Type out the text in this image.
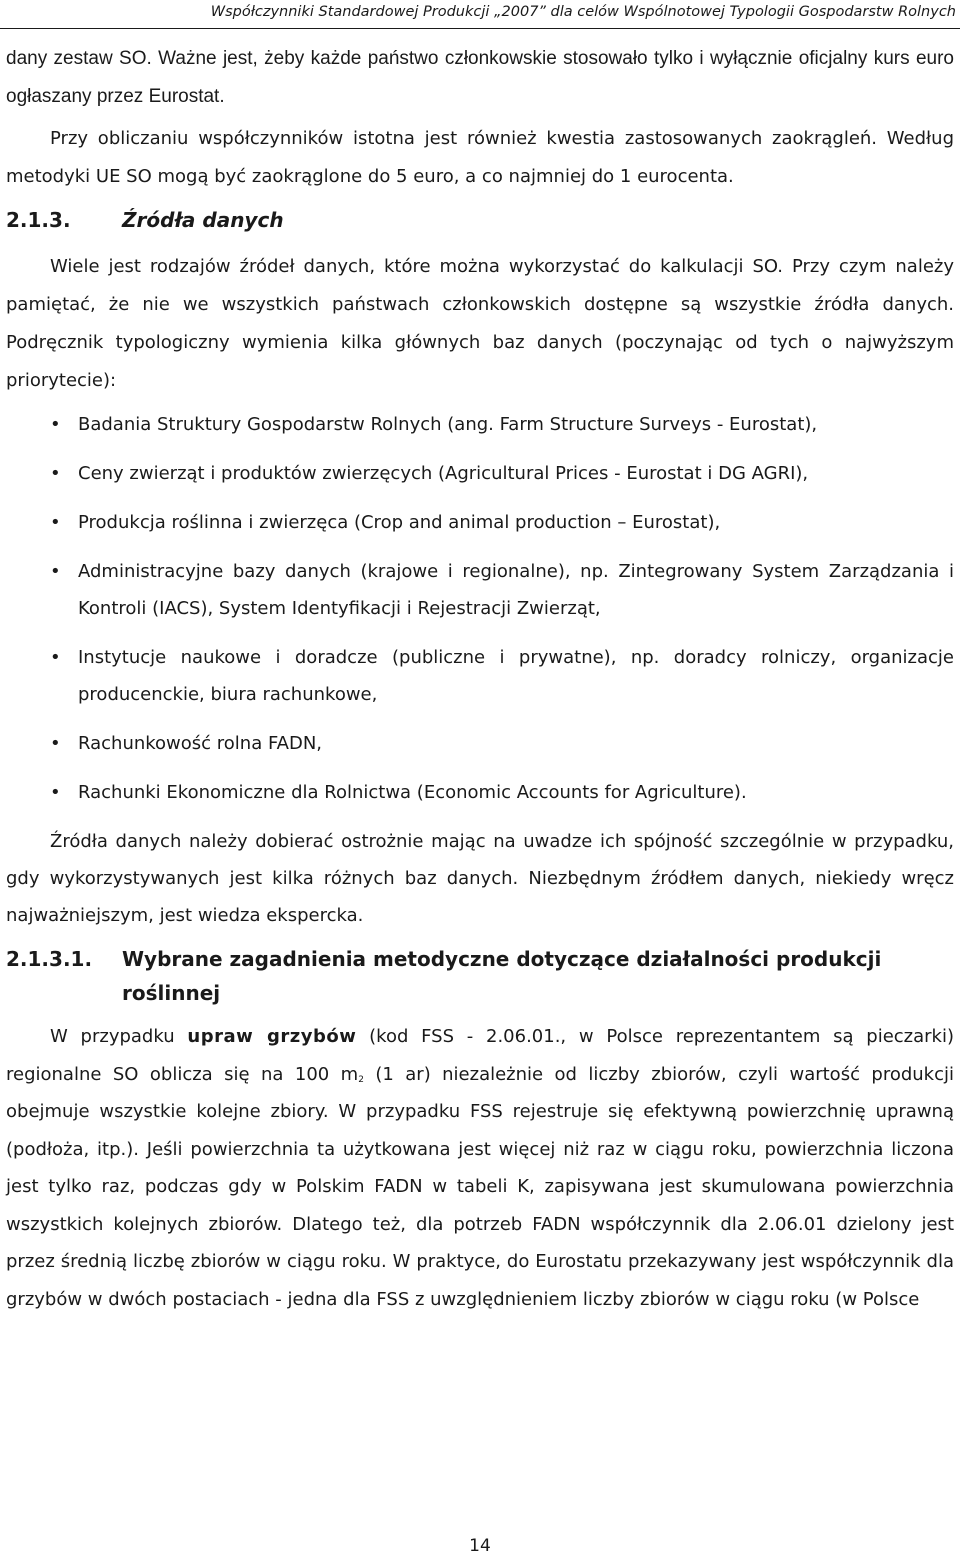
Współczynniki Standardowej Produkcji „2007” dla celów Wspólnotowej Typologii Gospodarstw Rolnych

dany zestaw SO. Ważne jest, żeby każde państwo członkowskie stosowało tylko i wyłącznie oficjalny kurs euro ogłaszany przez Eurostat.

Przy obliczaniu współczynników istotna jest również kwestia zastosowanych zaokrągleń. Według metodyki UE SO mogą być zaokrąglone do 5 euro, a co najmniej do 1 eurocenta.

2.1.3.	Źródła danych

Wiele jest rodzajów źródeł danych, które można wykorzystać do kalkulacji SO. Przy czym należy pamiętać, że nie we wszystkich państwach członkowskich dostępne są wszystkie źródła danych. Podręcznik typologiczny wymienia kilka głównych baz danych (poczynając od tych o najwyższym priorytecie):

• Badania Struktury Gospodarstw Rolnych (ang. Farm Structure Surveys - Eurostat),
• Ceny zwierząt i produktów zwierzęcych (Agricultural Prices - Eurostat i DG AGRI),
• Produkcja roślinna i zwierzęca (Crop and animal production – Eurostat),
• Administracyjne bazy danych (krajowe i regionalne), np. Zintegrowany System Zarządzania i Kontroli (IACS), System Identyfikacji i Rejestracji Zwierząt,
• Instytucje naukowe i doradcze (publiczne i prywatne), np. doradcy rolniczy, organizacje producenckie, biura rachunkowe,
• Rachunkowość rolna FADN,
• Rachunki Ekonomiczne dla Rolnictwa (Economic Accounts for Agriculture).

Źródła danych należy dobierać ostrożnie mając na uwadze ich spójność szczególnie w przypadku, gdy wykorzystywanych jest kilka różnych baz danych. Niezbędnym źródłem danych, niekiedy wręcz najważniejszym, jest wiedza ekspercka.

2.1.3.1.	Wybrane zagadnienia metodyczne dotyczące działalności produkcji roślinnej

W przypadku upraw grzybów (kod FSS - 2.06.01., w Polsce reprezentantem są pieczarki) regionalne SO oblicza się na 100 $m^2$ (1 ar) niezależnie od liczby zbiorów, czyli wartość produkcji obejmuje wszystkie kolejne zbiory. W przypadku FSS rejestruje się efektywną powierzchnię uprawną (podłoża, itp.). Jeśli powierzchnia ta użytkowana jest więcej niż raz w ciągu roku, powierzchnia liczona jest tylko raz, podczas gdy w Polskim FADN w tabeli K, zapisywana jest skumulowana powierzchnia wszystkich kolejnych zbiorów. Dlatego też, dla potrzeb FADN współczynnik dla 2.06.01 dzielony jest przez średnią liczbę zbiorów w ciągu roku. W praktyce, do Eurostatu przekazywany jest współczynnik dla grzybów w dwóch postaciach - jedna dla FSS z uwzględnieniem liczby zbiorów w ciągu roku (w Polsce

14
